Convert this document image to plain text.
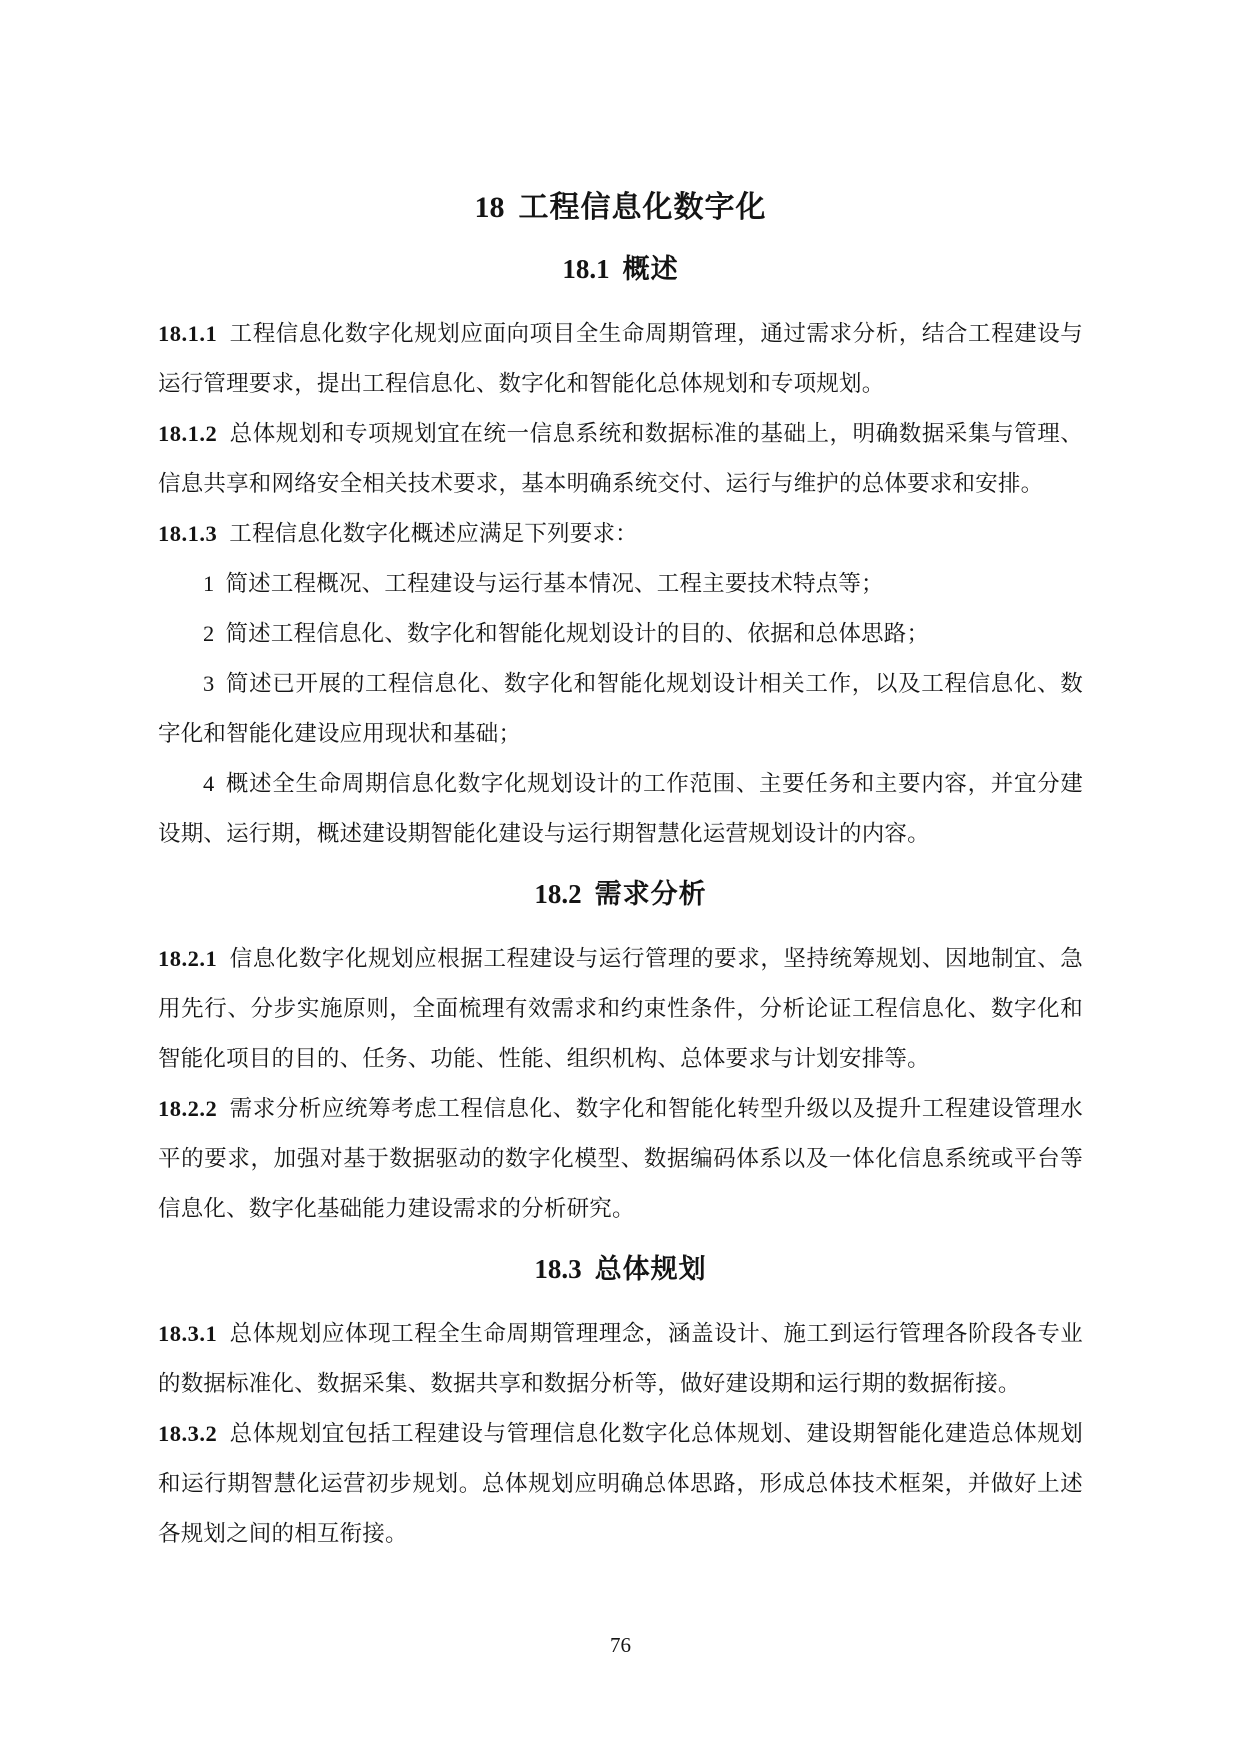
18 工程信息化数字化
18.1 概述

18.1.1 工程信息化数字化规划应面向项目全生命周期管理，通过需求分析，结合工程建设与运行管理要求，提出工程信息化、数字化和智能化总体规划和专项规划。

18.1.2 总体规划和专项规划宜在统一信息系统和数据标准的基础上，明确数据采集与管理、信息共享和网络安全相关技术要求，基本明确系统交付、运行与维护的总体要求和安排。

18.1.3 工程信息化数字化概述应满足下列要求：

1 简述工程概况、工程建设与运行基本情况、工程主要技术特点等；

2 简述工程信息化、数字化和智能化规划设计的目的、依据和总体思路；

3 简述已开展的工程信息化、数字化和智能化规划设计相关工作，以及工程信息化、数字化和智能化建设应用现状和基础；

4 概述全生命周期信息化数字化规划设计的工作范围、主要任务和主要内容，并宜分建设期、运行期，概述建设期智能化建设与运行期智慧化运营规划设计的内容。

18.2 需求分析

18.2.1 信息化数字化规划应根据工程建设与运行管理的要求，坚持统筹规划、因地制宜、急用先行、分步实施原则，全面梳理有效需求和约束性条件，分析论证工程信息化、数字化和智能化项目的目的、任务、功能、性能、组织机构、总体要求与计划安排等。

18.2.2 需求分析应统筹考虑工程信息化、数字化和智能化转型升级以及提升工程建设管理水平的要求，加强对基于数据驱动的数字化模型、数据编码体系以及一体化信息系统或平台等信息化、数字化基础能力建设需求的分析研究。

18.3 总体规划

18.3.1 总体规划应体现工程全生命周期管理理念，涵盖设计、施工到运行管理各阶段各专业的数据标准化、数据采集、数据共享和数据分析等，做好建设期和运行期的数据衔接。

18.3.2 总体规划宜包括工程建设与管理信息化数字化总体规划、建设期智能化建造总体规划和运行期智慧化运营初步规划。总体规划应明确总体思路，形成总体技术框架，并做好上述各规划之间的相互衔接。

76
